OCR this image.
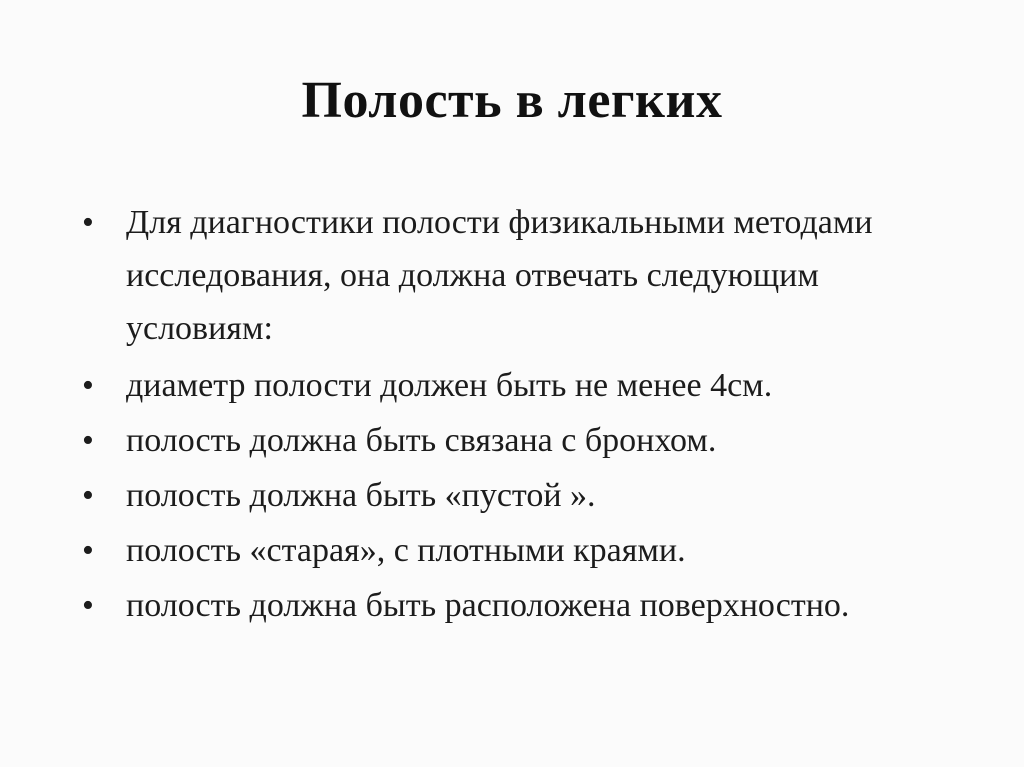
Полость в легких
• Для диагностики полости физикальными методами исследования, она должна отвечать следующим условиям:
• диаметр полости должен быть не менее 4см.
• полость должна быть связана с бронхом.
• полость должна быть «пустой ».
• полость «старая», с плотными краями.
• полость должна быть расположена поверхностно.
